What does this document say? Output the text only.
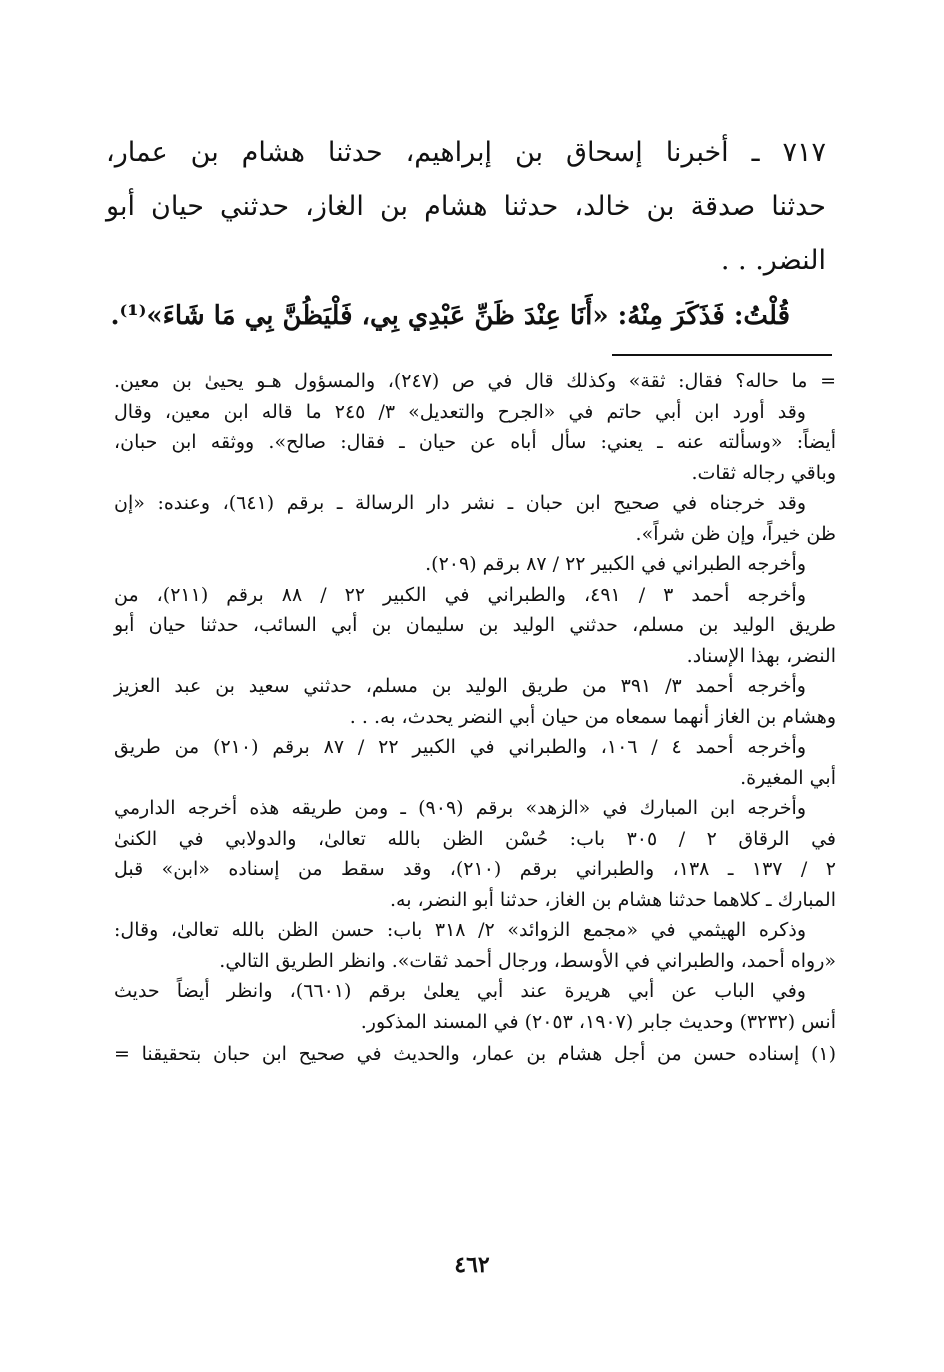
٧١٧ ـ أخبرنا إسحاق بن إبراهيم، حدثنا هشام بن عمار،
حدثنا صدقة بن خالد، حدثنا هشام بن الغاز، حدثني حيان أبو
النضر. . .
قُلْتُ: فَذَكَرَ مِنْهُ: «أَنَا عِنْدَ ظَنِّ عَبْدِي بِي، فَلْيَظُنَّ بِي مَا شَاءَ»⁽¹⁾.
= ما حاله؟ فقال: ثقة» وكذلك قال في ص (٢٤٧)، والمسؤول هـو يحيىٰ بن معين.
وقد أورد ابن أبي حاتم في «الجرح والتعديل» ٣/ ٢٤٥ ما قاله ابن معين، وقال
أيضاً: «وسألته عنه ـ يعني: سأل أباه عن حيان ـ فقال: صالح». ووثقه ابن حبان،
وباقي رجاله ثقات.
وقد خرجناه في صحيح ابن حبان ـ نشر دار الرسالة ـ برقم (٦٤١)، وعنده: «إن
ظن خيراً، وإن ظن شراً».
وأخرجه الطبراني في الكبير ٢٢ / ٨٧ برقم (٢٠٩).
وأخرجه أحمد ٣ / ٤٩١، والطبراني في الكبير ٢٢ / ٨٨ برقم (٢١١)، من
طريق الوليد بن مسلم، حدثني الوليد بن سليمان بن أبي السائب، حدثنا حيان أبو
النضر، بهذا الإسناد.
وأخرجه أحمد ٣/ ٣٩١ من طريق الوليد بن مسلم، حدثني سعيد بن عبد العزيز
وهشام بن الغاز أنهما سمعاه من حيان أبي النضر يحدث، به. . .
وأخرجه أحمد ٤ / ١٠٦، والطبراني في الكبير ٢٢ / ٨٧ برقم (٢١٠) من طريق
أبي المغيرة.
وأخرجه ابن المبارك في «الزهد» برقم (٩٠٩) ـ ومن طريقه هذه أخرجه الدارمي
في الرقاق ٢ / ٣٠٥ باب: حُسْن الظن بالله تعالىٰ، والدولابي في الكنىٰ
٢ / ١٣٧ ـ ١٣٨، والطبراني برقم (٢١٠)، وقد سقط من إسناده «ابن» قبل
المبارك ـ كلاهما حدثنا هشام بن الغاز، حدثنا أبو النضر، به.
وذكره الهيثمي في «مجمع الزوائد» ٢/ ٣١٨ باب: حسن الظن بالله تعالىٰ، وقال:
«رواه أحمد، والطبراني في الأوسط، ورجال أحمد ثقات». وانظر الطريق التالي.
وفي الباب عن أبي هريرة عند أبي يعلىٰ برقم (٦٦٠١)، وانظر أيضاً حديث
أنس (٣٢٣٢) وحديث جابر (١٩٠٧، ٢٠٥٣) في المسند المذكور.
(١) إسناده حسن من أجل هشام بن عمار، والحديث في صحيح ابن حبان بتحقيقنا =
٤٦٢
